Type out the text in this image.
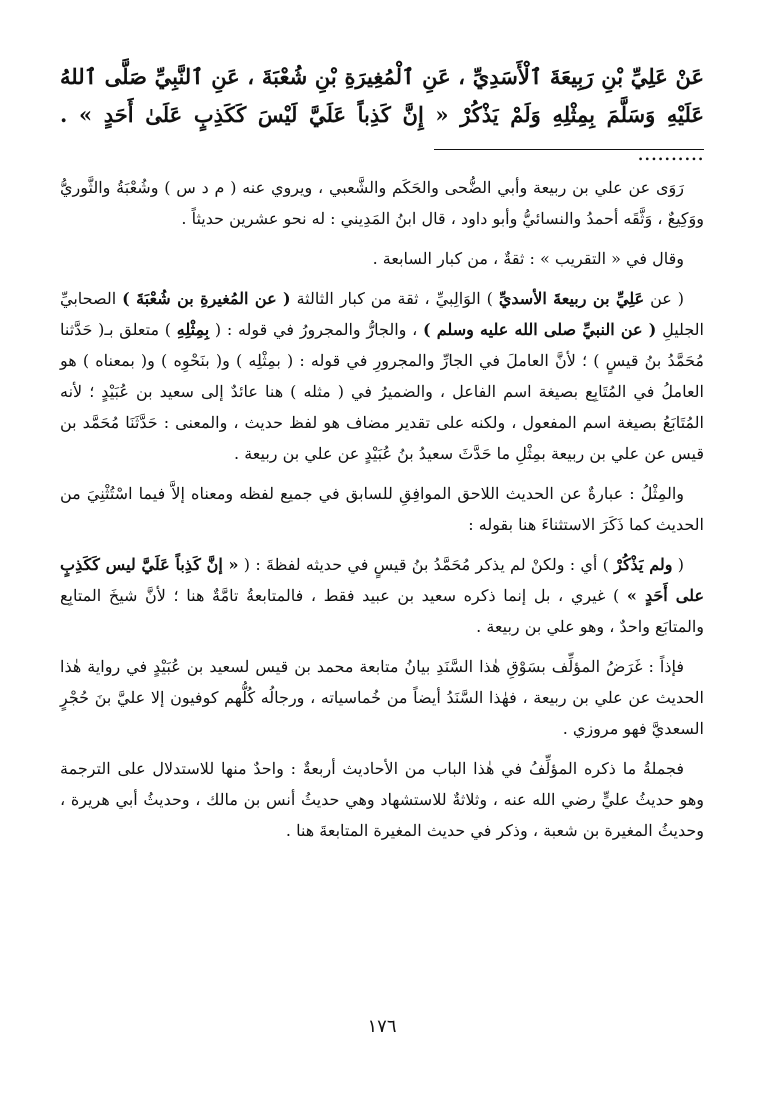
عَنْ عَلِيِّ بْنِ رَبِيعَةَ ٱلْأَسَدِيِّ ، عَنِ ٱلْمُغِيرَةِ بْنِ شُعْبَةَ ، عَنِ ٱلنَّبِيِّ صَلَّى ٱللهُ عَلَيْهِ وَسَلَّمَ بِمِثْلِهِ وَلَمْ يَذْكُرْ « إِنَّ كَذِباً عَلَيَّ لَيْسَ كَكَذِبٍ عَلَىٰ أَحَدٍ » . ..........

رَوَى عن علي بن ربيعة وأبي الضُّحى والحَكَم والشَّعبي ، ويروي عنه ( م د س ) وشُعْبَةُ والثَّوريُّ ووَكِيعٌ ، وَثَّقَه أحمدُ والنسائيُّ وأبو داود ، قال ابنُ المَدِيني : له نحو عشرين حديثاً .

وقال في « التقريب » : ثقةٌ ، من كبار السابعة .

( عن عَلِيِّ بن ربيعةَ الأسديِّ ) الوَالِبيِّ ، ثقة من كبار الثالثة ( عن المُغيرةِ بن شُعْبَةَ ) الصحابيِّ الجليلِ ( عن النبيِّ صلى الله عليه وسلم ) ، والجارُّ والمجرورُ في قوله : ( بِمِثْلِهِ ) متعلق بـ( حَدَّثنا مُحَمَّدُ بنُ قيسٍ ) ؛ لأنَّ العاملَ في الجارِّ والمجرورِ في قوله : ( بمِثْلِه ) و( بنَحْوِه ) و( بمعناه ) هو العاملُ في المُتَابِع بصيغة اسم الفاعل ، والضميرُ في ( مثله ) هنا عائدٌ إلى سعيد بن عُبَيْدٍ ؛ لأنه المُتَابَعُ بصيغة اسم المفعول ، ولكنه على تقدير مضاف هو لفظ حديث ، والمعنى : حَدَّثَنَا مُحَمَّد بن قيس عن علي بن ربيعة بمِثْلِ ما حَدَّثَ سعيدُ بنُ عُبَيْدٍ عن علي بن ربيعة .

والمِثْلُ : عبارةٌ عن الحديث اللاحق الموافِقِ للسابق في جميع لفظه ومعناه إلاَّ فيما اسْتُثْنِيَ من الحديث كما ذَكَرَ الاستثناءَ هنا بقوله :

( ولم يَذْكُرْ ) أي : ولكنْ لم يذكر مُحَمَّدُ بنُ قيسٍ في حديثه لفظةَ : ( « إنَّ كَذِباً عَلَيَّ ليس كَكَذِبٍ على أَحَدٍ » ) غيري ، بل إنما ذكره سعيد بن عبيد فقط ، فالمتابعةُ تامَّةٌ هنا ؛ لأنَّ شيخَ المتابِع والمتابَع واحدٌ ، وهو علي بن ربيعة .

فإذاً : غَرَضُ المؤلِّف بسَوْقِ هٰذا السَّنَدِ بيانُ متابعة محمد بن قيس لسعيد بن عُبَيْدٍ في رواية هٰذا الحديث عن علي بن ربيعة ، فهٰذا السَّنَدُ أيضاً من خُماسياته ، ورجالُه كُلُّهم كوفيون إلا عليَّ بنَ حُجْرٍ السعديَّ فهو مروزي .

فجملةُ ما ذكره المؤلِّفُ في هٰذا الباب من الأحاديث أربعةٌ : واحدٌ منها للاستدلال على الترجمة وهو حديثُ عليٍّ رضي الله عنه ، وثلاثةٌ للاستشهاد وهي حديثُ أنس بن مالك ، وحديثُ أبي هريرة ، وحديثُ المغيرة بن شعبة ، وذكر في حديث المغيرة المتابعةَ هنا .

١٧٦
